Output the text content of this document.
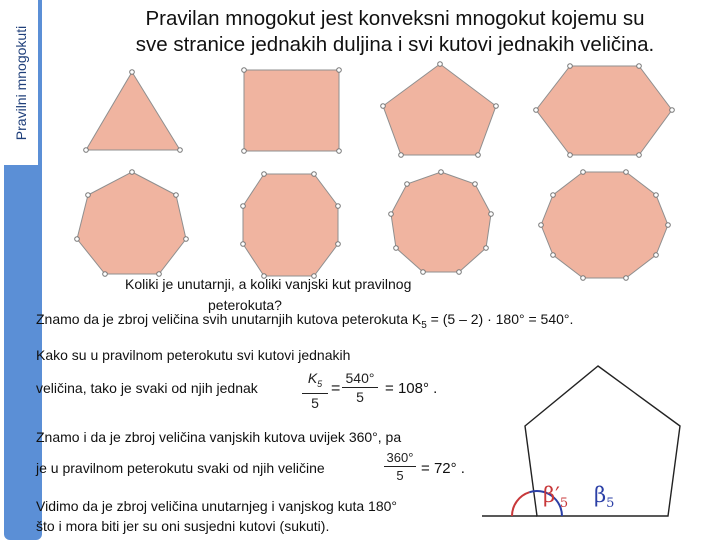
Pravilni mnogokuti
Pravilan mnogokut jest konveksni mnogokut kojemu su
sve stranice jednakih duljina i svi kutovi jednakih veličina.
Koliki je unutarnji, a koliki vanjski kut pravilnog
peterokuta?
Znamo da je zbroj veličina svih unutarnjih kutova peterokuta $K_5 = (5 - 2) \cdot 180^\circ = 540^\circ$.
Kako su u pravilnom peterokutu svi kutovi jednakih
veličina, tako je svaki od njih jednak
$K_5$
5
=
540°
5	= 108° .
Znamo i da je zbroj veličina vanjskih kutova uvijek 360°, pa
je u pravilnom peterokutu svaki od njih veličine
360°
5	= 72° .
Vidimo da je zbroj veličina unutarnjeg i vanjskog kuta 180°
što i mora biti jer su oni susjedni kutovi (sukuti).
$\beta'_5$ $\beta_5$
